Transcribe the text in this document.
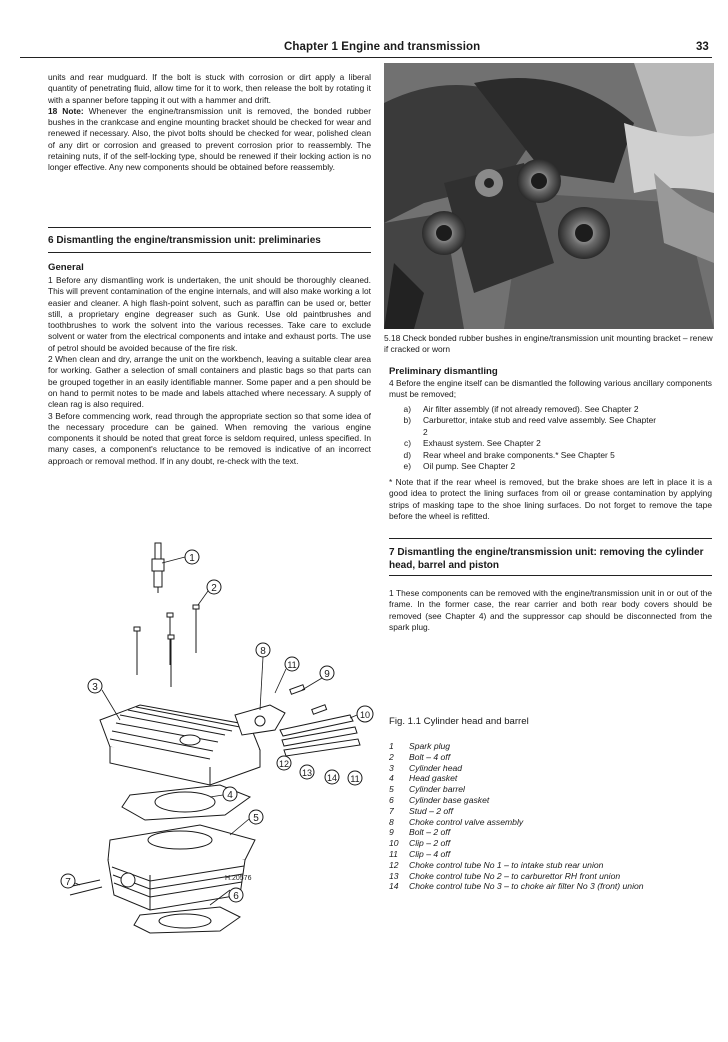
Chapter 1 Engine and transmission	33
units and rear mudguard. If the bolt is stuck with corrosion or dirt apply a liberal quantity of penetrating fluid, allow time for it to work, then release the bolt by rotating it with a spanner before tapping it out with a hammer and drift.
18 Note: Whenever the engine/transmission unit is removed, the bonded rubber bushes in the crankcase and engine mounting bracket should be checked for wear and renewed if necessary. Also, the pivot bolts should be checked for wear, polished clean of any dirt or corrosion and greased to prevent corrosion prior to reassembly. The retaining nuts, if of the self-locking type, should be renewed if their locking action is no longer effective. Any new components should be obtained before reassembly.
6 Dismantling the engine/transmission unit: preliminaries
General
1 Before any dismantling work is undertaken, the unit should be thoroughly cleaned. This will prevent contamination of the engine internals, and will also make working a lot easier and cleaner. A high flash-point solvent, such as paraffin can be used or, better still, a proprietary engine degreaser such as Gunk. Use old paintbrushes and toothbrushes to work the solvent into the various recesses. Take care to exclude solvent or water from the electrical components and intake and exhaust ports. The use of petrol should be avoided because of the fire risk.
2 When clean and dry, arrange the unit on the workbench, leaving a suitable clear area for working. Gather a selection of small containers and plastic bags so that parts can be grouped together in an easily identifiable manner. Some paper and a pen should be on hand to permit notes to be made and labels attached where necessary. A supply of clean rag is also required.
3 Before commencing work, read through the appropriate section so that some idea of the necessary procedure can be gained. When removing the various engine components it should be noted that great force is seldom required, unless specified. In many cases, a component's reluctance to be removed is indicative of an incorrect approach or removal method. If in any doubt, re-check with the text.
5.18 Check bonded rubber bushes in engine/transmission unit mounting bracket – renew if cracked or worn
Preliminary dismantling
4 Before the engine itself can be dismantled the following various ancillary components must be removed;
a)	Air filter assembly (if not already removed). See Chapter 2
b)	Carburettor, intake stub and reed valve assembly. See Chapter 2
c)	Exhaust system. See Chapter 2
d)	Rear wheel and brake components.* See Chapter 5
e)	Oil pump. See Chapter 2
* Note that if the rear wheel is removed, but the brake shoes are left in place it is a good idea to protect the lining surfaces from oil or grease contamination by applying strips of masking tape to the shoe lining surfaces. Do not forget to remove the tape before the wheel is refitted.
7 Dismantling the engine/transmission unit: removing the cylinder head, barrel and piston
1 These components can be removed with the engine/transmission unit in or out of the frame. In the former case, the rear carrier and both rear body covers should be removed (see Chapter 4) and the suppressor cap should be disconnected from the spark plug.
Fig. 1.1 Cylinder head and barrel
1	Spark plug
2	Bolt – 4 off
3	Cylinder head
4	Head gasket
5	Cylinder barrel
6	Cylinder base gasket
7	Stud – 2 off
8	Choke control valve assembly
9	Bolt – 2 off
10	Clip – 2 off
11	Clip – 4 off
12	Choke control tube No 1 – to intake stub rear union
13	Choke control tube No 2 – to carburettor RH front union
14	Choke control tube No 3 – to choke air filter No 3 (front) union
1
2
3
4
5
6
7
8
9
10
11
12
13 14 11
H.20576
